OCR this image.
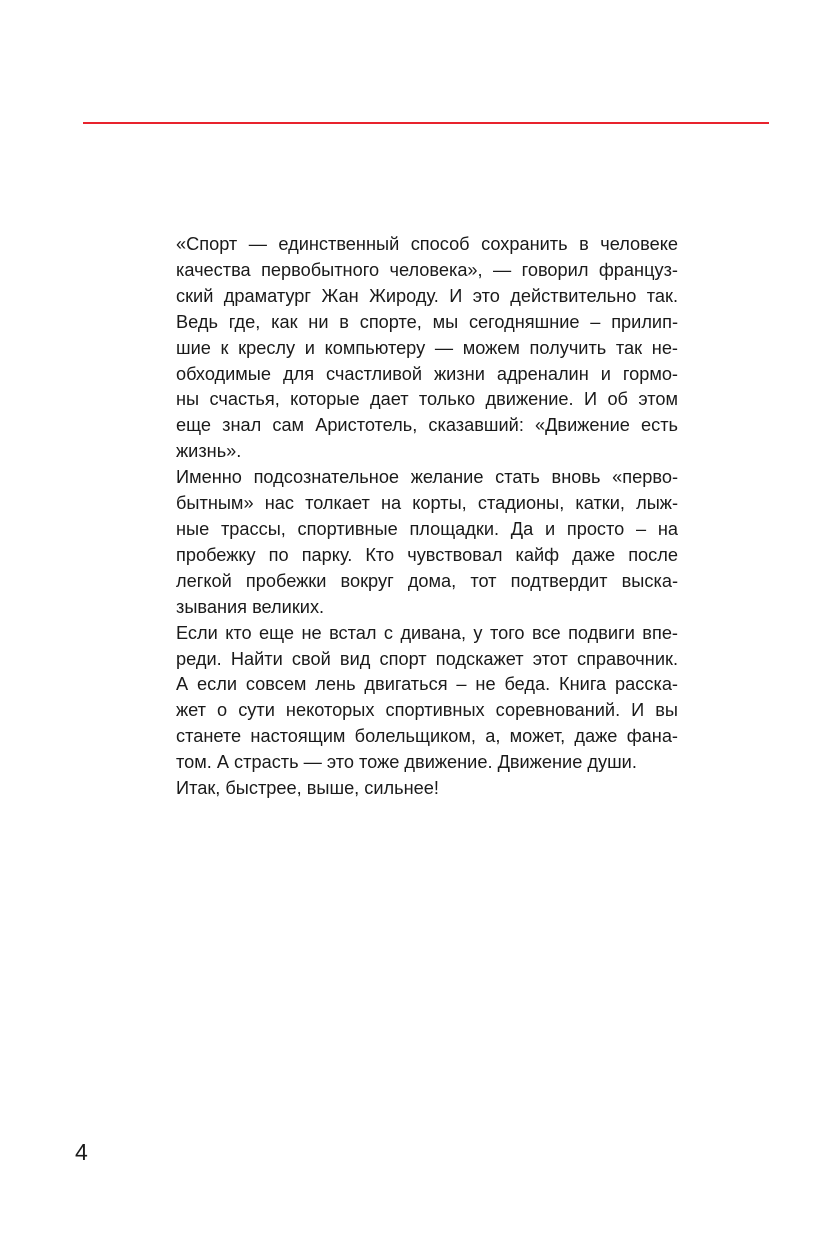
«Спорт — единственный способ сохранить в человеке
качества первобытного человека», — говорил француз-
ский драматург Жан Жироду. И это действительно так.
Ведь где, как ни в спорте, мы сегодняшние – прилип-
шие к креслу и компьютеру — можем получить так не-
обходимые для счастливой жизни адреналин и гормо-
ны счастья, которые дает только движение. И об этом
еще знал сам Аристотель, сказавший: «Движение есть
жизнь».
Именно подсознательное желание стать вновь «перво-
бытным» нас толкает на корты, стадионы, катки, лыж-
ные трассы, спортивные площадки. Да и просто – на
пробежку по парку. Кто чувствовал кайф даже после
легкой пробежки вокруг дома, тот подтвердит выска-
зывания великих.
Если кто еще не встал с дивана, у того все подвиги впе-
реди. Найти свой вид спорт подскажет этот справочник.
А если совсем лень двигаться – не беда. Книга расска-
жет о сути некоторых спортивных соревнований. И вы
станете настоящим болельщиком, а, может, даже фана-
том. А страсть — это тоже движение. Движение души.
Итак, быстрее, выше, сильнее!
4
